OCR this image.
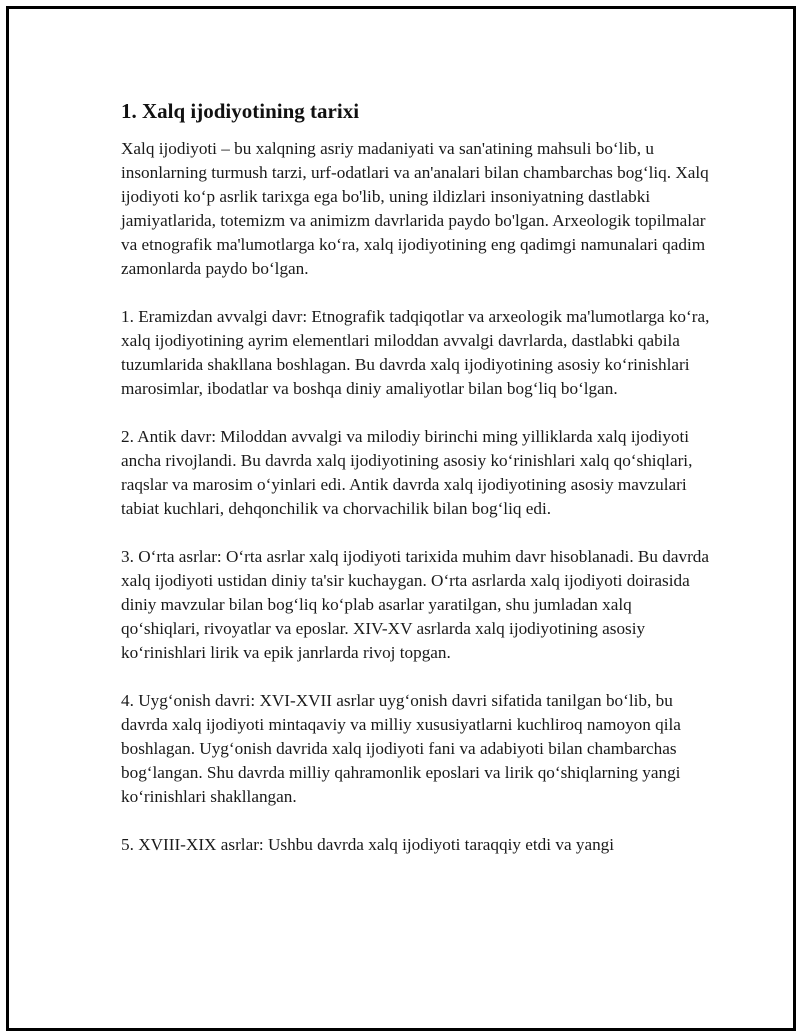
1. Xalq ijodiyotining tarixi

Xalq ijodiyoti – bu xalqning asriy madaniyati va san'atining mahsuli bo‘lib, u insonlarning turmush tarzi, urf-odatlari va an'analari bilan chambarchas bog‘liq. Xalq ijodiyoti ko‘p asrlik tarixga ega bo'lib, uning ildizlari insoniyatning dastlabki jamiyatlarida, totemizm va animizm davrlarida paydo bo'lgan. Arxeologik topilmalar va etnografik ma'lumotlarga ko‘ra, xalq ijodiyotining eng qadimgi namunalari qadim zamonlarda paydo bo‘lgan.

1. Eramizdan avvalgi davr: Etnografik tadqiqotlar va arxeologik ma'lumotlarga ko‘ra, xalq ijodiyotining ayrim elementlari miloddan avvalgi davrlarda, dastlabki qabila tuzumlarida shakllana boshlagan. Bu davrda xalq ijodiyotining asosiy ko‘rinishlari marosimlar, ibodatlar va boshqa diniy amaliyotlar bilan bog‘liq bo‘lgan.

2. Antik davr: Miloddan avvalgi va milodiy birinchi ming yilliklarda xalq ijodiyoti ancha rivojlandi. Bu davrda xalq ijodiyotining asosiy ko‘rinishlari xalq qo‘shiqlari, raqslar va marosim o‘yinlari edi. Antik davrda xalq ijodiyotining asosiy mavzulari tabiat kuchlari, dehqonchilik va chorvachilik bilan bog‘liq edi.

3. O‘rta asrlar: O‘rta asrlar xalq ijodiyoti tarixida muhim davr hisoblanadi. Bu davrda xalq ijodiyoti ustidan diniy ta'sir kuchaygan. O‘rta asrlarda xalq ijodiyoti doirasida diniy mavzular bilan bog‘liq ko‘plab asarlar yaratilgan, shu jumladan xalq qo‘shiqlari, rivoyatlar va eposlar. XIV-XV asrlarda xalq ijodiyotining asosiy ko‘rinishlari lirik va epik janrlarda rivoj topgan.

4. Uyg‘onish davri: XVI-XVII asrlar uyg‘onish davri sifatida tanilgan bo‘lib, bu davrda xalq ijodiyoti mintaqaviy va milliy xususiyatlarni kuchliroq namoyon qila boshlagan. Uyg‘onish davrida xalq ijodiyoti fani va adabiyoti bilan chambarchas bog‘langan. Shu davrda milliy qahramonlik eposlari va lirik qo‘shiqlarning yangi ko‘rinishlari shakllangan.

5. XVIII-XIX asrlar: Ushbu davrda xalq ijodiyoti taraqqiy etdi va yangi
